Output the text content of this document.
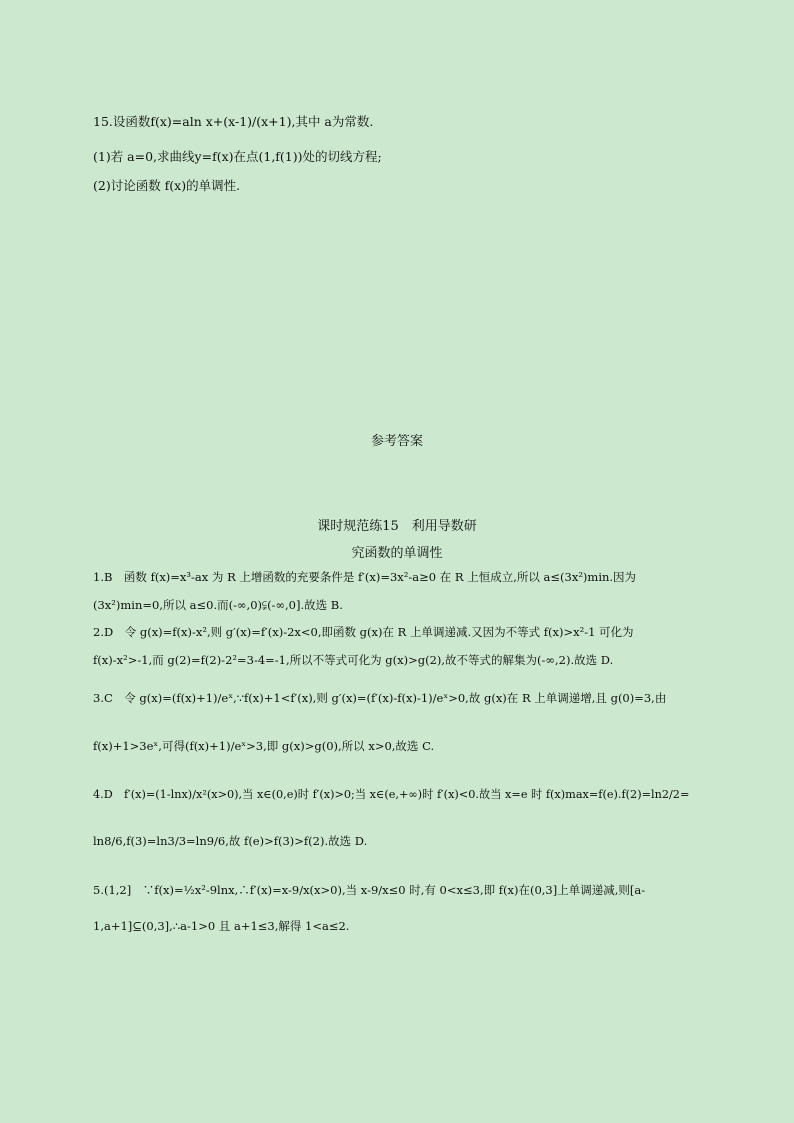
15.设函数f(x)=aln x+(x-1)/(x+1),其中 a为常数.
(1)若 a=0,求曲线y=f(x)在点(1,f(1))处的切线方程;
(2)讨论函数 f(x)的单调性.
参考答案
课时规范练15　利用导数研
究函数的单调性
1.B　函数 f(x)=x³-ax 为 R 上增函数的充要条件是 f′(x)=3x²-a≥0 在 R 上恒成立,所以 a≤(3x²)min.因为
(3x²)min=0,所以 a≤0.而(-∞,0)⫋(-∞,0].故选 B.
2.D　令 g(x)=f(x)-x²,则 g′(x)=f′(x)-2x<0,即函数 g(x)在 R 上单调递减.又因为不等式 f(x)>x²-1 可化为
f(x)-x²>-1,而 g(2)=f(2)-2²=3-4=-1,所以不等式可化为 g(x)>g(2),故不等式的解集为(-∞,2).故选 D.
3.C　令 g(x)=(f(x)+1)/eˣ,∵f(x)+1<f′(x),则 g′(x)=(f′(x)-f(x)-1)/eˣ>0,故 g(x)在 R 上单调递增,且 g(0)=3,由
f(x)+1>3eˣ,可得(f(x)+1)/eˣ>3,即 g(x)>g(0),所以 x>0,故选 C.
4.D　f′(x)=(1-lnx)/x²(x>0),当 x∈(0,e)时 f′(x)>0;当 x∈(e,+∞)时 f′(x)<0.故当 x=e 时 f(x)max=f(e).f(2)=ln2/2=
ln8/6,f(3)=ln3/3=ln9/6,故 f(e)>f(3)>f(2).故选 D.
5.(1,2]　∵f(x)=½x²-9lnx,∴f′(x)=x-9/x(x>0),当 x-9/x≤0 时,有 0<x≤3,即 f(x)在(0,3]上单调递减,则[a-
1,a+1]⊆(0,3],∴a-1>0 且 a+1≤3,解得 1<a≤2.
